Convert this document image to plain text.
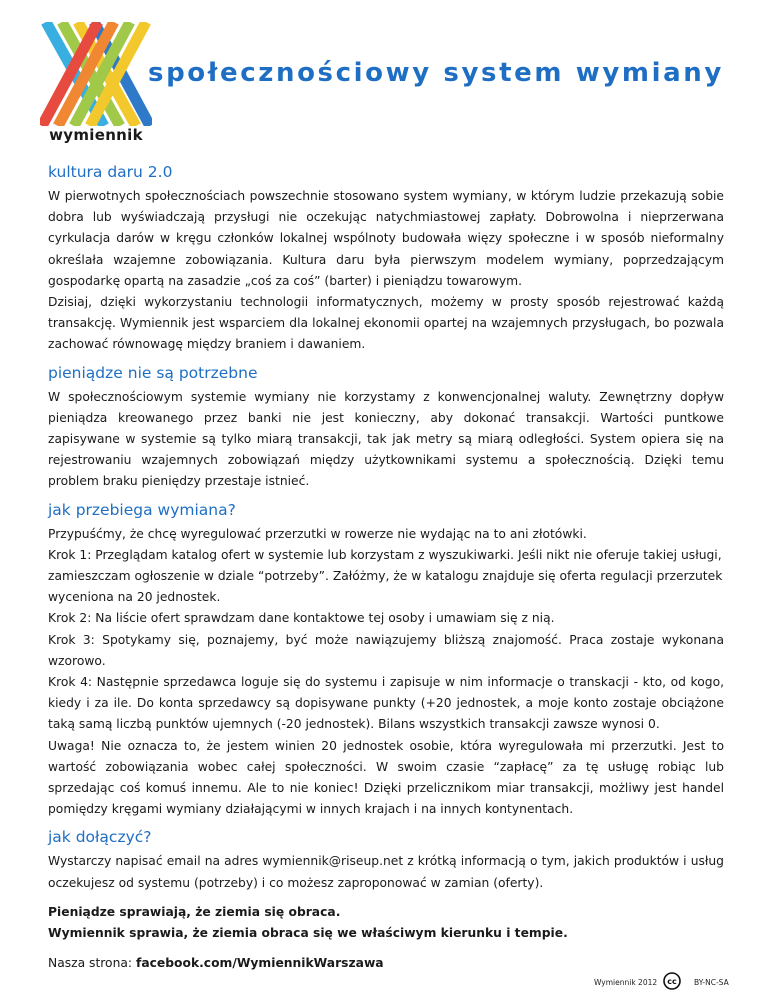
wymiennik
społecznościowy system wymiany
kultura daru 2.0

W pierwotnych społecznościach powszechnie stosowano system wymiany, w którym ludzie przekazują sobie dobra lub wyświadczają przysługi nie oczekując natychmiastowej zapłaty. Dobrowolna i nieprzerwana cyrkulacja darów w kręgu członków lokalnej wspólnoty budowała więzy społeczne i w sposób nieformalny określała wzajemne zobowiązania. Kultura daru była pierwszym modelem wymiany, poprzedzającym gospodarkę opartą na zasadzie „coś za coś” (barter) i pieniądzu towarowym.

Dzisiaj, dzięki wykorzystaniu technologii informatycznych, możemy w prosty sposób rejestrować każdą transakcję. Wymiennik jest wsparciem dla lokalnej ekonomii opartej na wzajemnych przysługach, bo pozwala zachować równowagę między braniem i dawaniem.

pieniądze nie są potrzebne

W społecznościowym systemie wymiany nie korzystamy z konwencjonalnej waluty. Zewnętrzny dopływ pieniądza kreowanego przez banki nie jest konieczny, aby dokonać transakcji. Wartości puntkowe zapisywane w systemie są tylko miarą transakcji, tak jak metry są miarą odległości. System opiera się na rejestrowaniu wzajemnych zobowiązań między użytkownikami systemu a społecznością. Dzięki temu problem braku pieniędzy przestaje istnieć.

jak przebiega wymiana?

Przypuśćmy, że chcę wyregulować przerzutki w rowerze nie wydając na to ani złotówki.

Krok 1: Przeglądam katalog ofert w systemie lub korzystam z wyszukiwarki. Jeśli nikt nie oferuje takiej usługi, zamieszczam ogłoszenie w dziale “potrzeby”. Załóżmy, że w katalogu znajduje się oferta regulacji przerzutek wyceniona na 20 jednostek.

Krok 2: Na liście ofert sprawdzam dane kontaktowe tej osoby i umawiam się z nią.

Krok 3: Spotykamy się, poznajemy, być może nawiązujemy bliższą znajomość. Praca zostaje wykonana wzorowo.

Krok 4: Następnie sprzedawca loguje się do systemu i zapisuje w nim informacje o transkacji - kto, od kogo, kiedy i za ile. Do konta sprzedawcy są dopisywane punkty (+20 jednostek, a moje konto zostaje obciążone taką samą liczbą punktów ujemnych (-20 jednostek). Bilans wszystkich transakcji zawsze wynosi 0.

Uwaga! Nie oznacza to, że jestem winien 20 jednostek osobie, która wyregulowała mi przerzutki. Jest to wartość zobowiązania wobec całej społeczności. W swoim czasie “zapłacę” za tę usługę robiąc lub sprzedając coś komuś innemu. Ale to nie koniec! Dzięki przelicznikom miar transakcji, możliwy jest handel pomiędzy kręgami wymiany działającymi w innych krajach i na innych kontynentach.

jak dołączyć?

Wystarczy napisać email na adres wymiennik@riseup.net z krótką informacją o tym, jakich produktów i usług oczekujesz od systemu (potrzeby) i co możesz zaproponować w zamian (oferty).

Pieniądze sprawiają, że ziemia się obraca.

Wymiennik sprawia, że ziemia obraca się we właściwym kierunku i tempie.

Nasza strona: facebook.com/WymiennikWarszawa

Wymiennik 2012 cc BY-NC-SA
